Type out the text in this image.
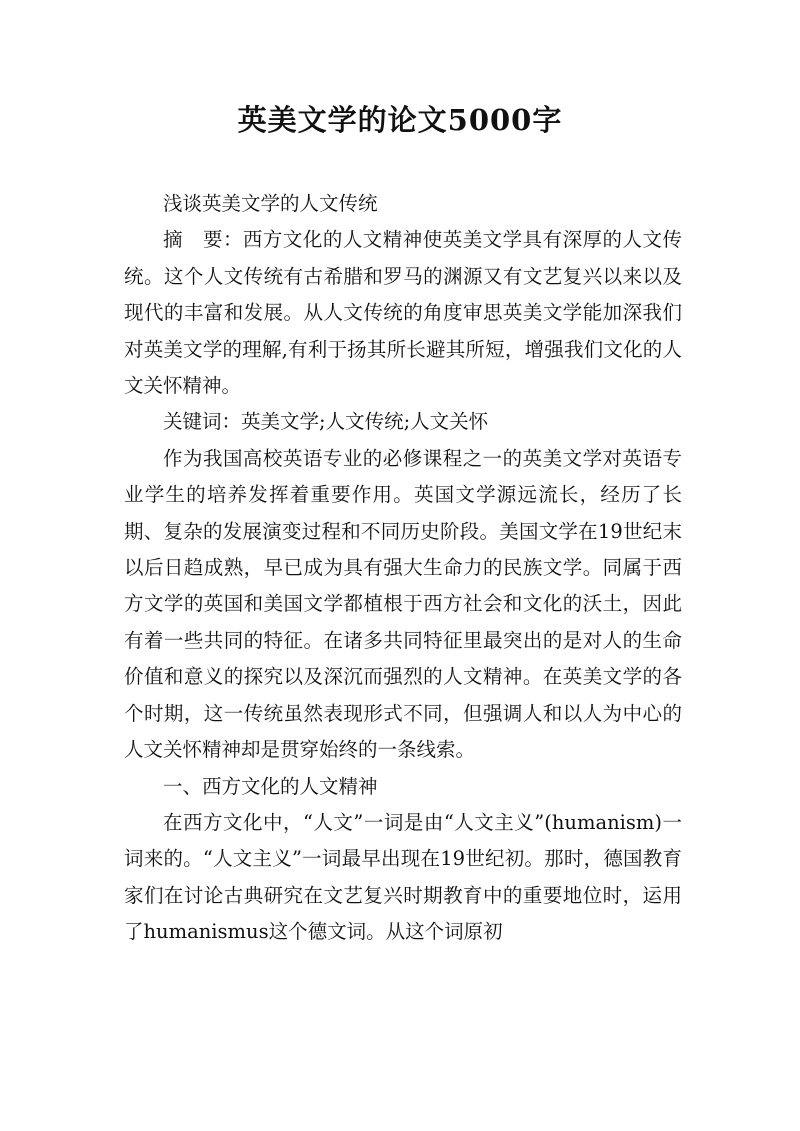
英美文学的论文5000字

浅谈英美文学的人文传统

摘　要：西方文化的人文精神使英美文学具有深厚的人文传统。这个人文传统有古希腊和罗马的渊源又有文艺复兴以来以及现代的丰富和发展。从人文传统的角度审思英美文学能加深我们对英美文学的理解,有利于扬其所长避其所短，增强我们文化的人文关怀精神。

关键词：英美文学;人文传统;人文关怀

作为我国高校英语专业的必修课程之一的英美文学对英语专业学生的培养发挥着重要作用。英国文学源远流长，经历了长期、复杂的发展演变过程和不同历史阶段。美国文学在19世纪末以后日趋成熟，早已成为具有强大生命力的民族文学。同属于西方文学的英国和美国文学都植根于西方社会和文化的沃土，因此有着一些共同的特征。在诸多共同特征里最突出的是对人的生命价值和意义的探究以及深沉而强烈的人文精神。在英美文学的各个时期，这一传统虽然表现形式不同，但强调人和以人为中心的人文关怀精神却是贯穿始终的一条线索。

一、西方文化的人文精神

在西方文化中，“人文”一词是由“人文主义”(humanism)一词来的。“人文主义”一词最早出现在19世纪初。那时，德国教育家们在讨论古典研究在文艺复兴时期教育中的重要地位时，运用了humanismus这个德文词。从这个词原初
